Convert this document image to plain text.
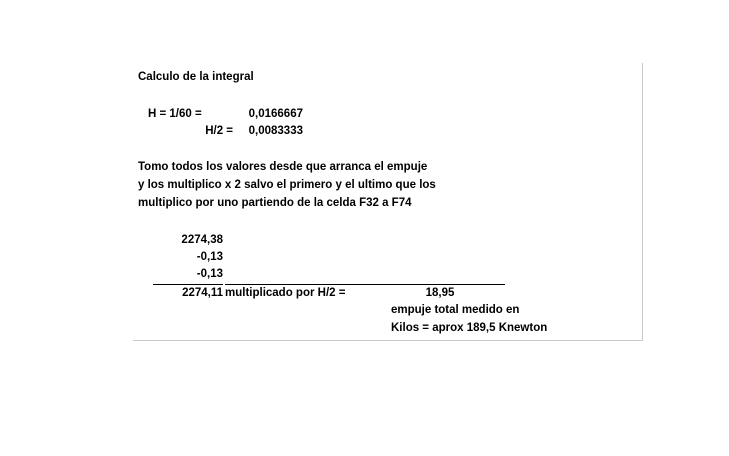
Calculo de la integral
H = 1/60 =	0,0166667
H/2 =	0,0083333
Tomo todos los valores desde que arranca el empuje
y los multiplico x 2 salvo el primero y el ultimo que los
multiplico por uno partiendo de la celda F32 a F74
2274,38
-0,13
-0,13
2274,11 multiplicado por H/2 =	18,95
empuje total medido en
Kilos = aprox 189,5 Knewton
